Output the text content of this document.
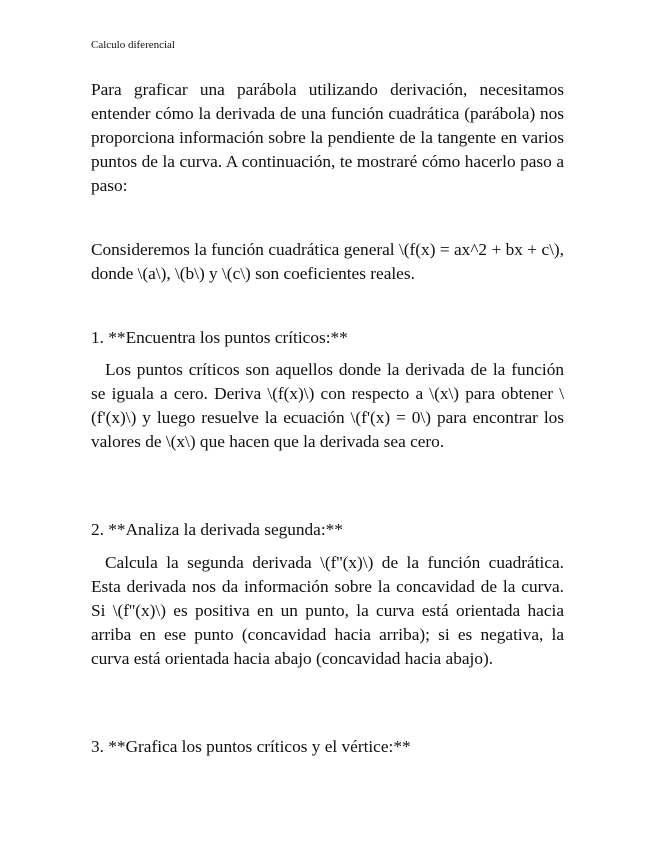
Calculo diferencial

Para graficar una parábola utilizando derivación, necesitamos entender cómo la derivada de una función cuadrática (parábola) nos proporciona información sobre la pendiente de la tangente en varios puntos de la curva. A continuación, te mostraré cómo hacerlo paso a paso:

Consideremos la función cuadrática general \(f(x) = ax^2 + bx + c\), donde \(a\), \(b\) y \(c\) son coeficientes reales.

1. **Encuentra los puntos críticos:**

Los puntos críticos son aquellos donde la derivada de la función se iguala a cero. Deriva \(f(x)\) con respecto a \(x\) para obtener \(f'(x)\) y luego resuelve la ecuación \(f'(x) = 0\) para encontrar los valores de \(x\) que hacen que la derivada sea cero.

2. **Analiza la derivada segunda:**

Calcula la segunda derivada \(f''(x)\) de la función cuadrática. Esta derivada nos da información sobre la concavidad de la curva. Si \(f''(x)\) es positiva en un punto, la curva está orientada hacia arriba en ese punto (concavidad hacia arriba); si es negativa, la curva está orientada hacia abajo (concavidad hacia abajo).

3. **Grafica los puntos críticos y el vértice:**
